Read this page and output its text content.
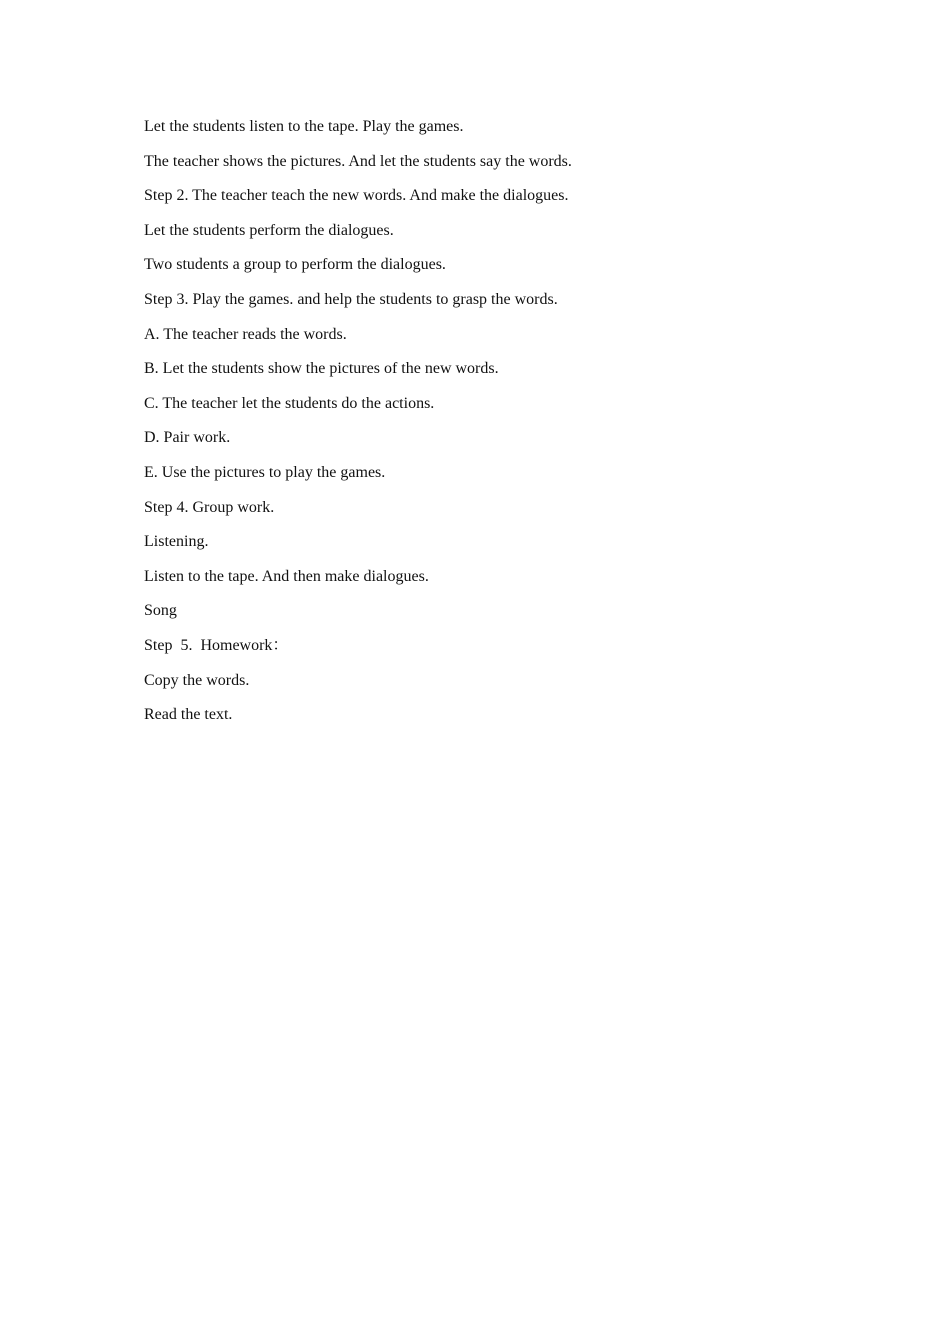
Let the students listen to the tape. Play the games.

The teacher shows the pictures. And let the students say the words.

Step 2. The teacher teach the new words. And make the dialogues.

Let the students perform the dialogues.

Two students a group to perform the dialogues.

Step 3. Play the games. and help the students to grasp the words.

A. The teacher reads the words.

B. Let the students show the pictures of the new words.

C. The teacher let the students do the actions.

D. Pair work.

E. Use the pictures to play the games.

Step 4. Group work.

Listening.

Listen to the tape. And then make dialogues.

Song

Step  5.  Homework：

Copy the words.

Read the text.
